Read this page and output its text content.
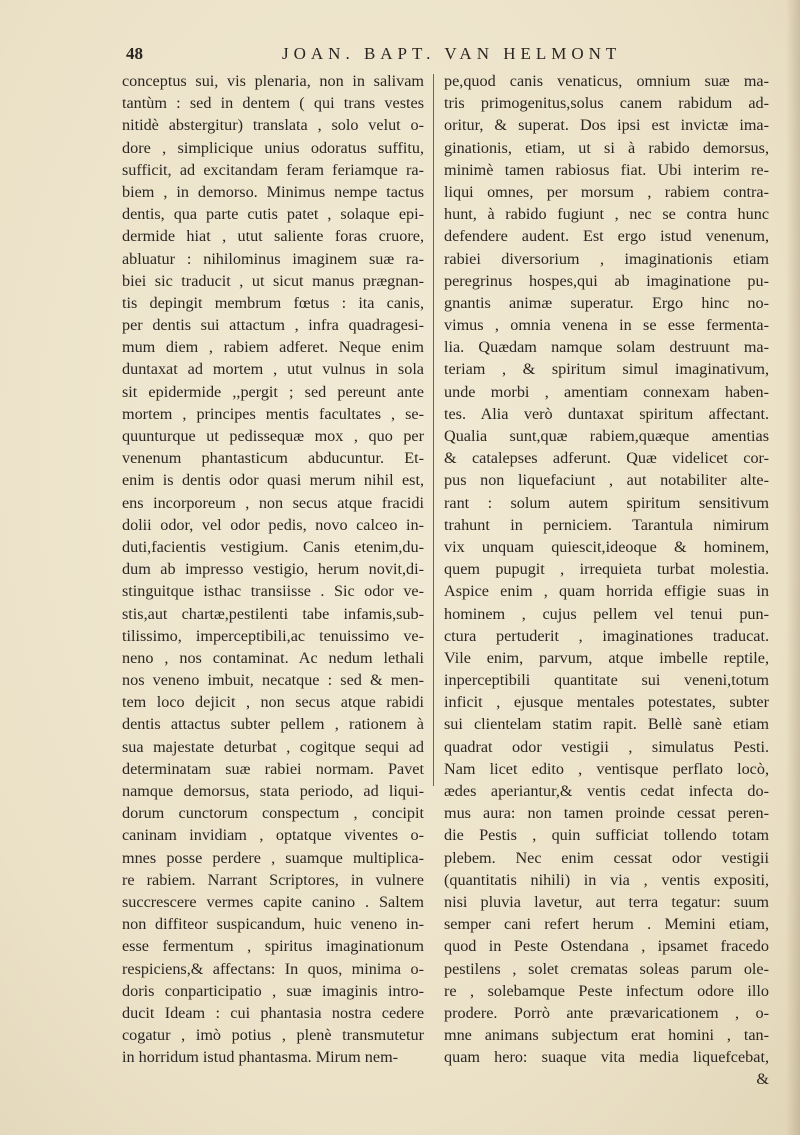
48	JOAN. BAPT. VAN HELMONT
conceptus sui, vis plenaria, non in salivam
tantùm : sed in dentem ( qui trans vestes
nitidè abstergitur) translata , solo velut o-
dore , simplicique unius odoratus suffitu,
sufficit, ad excitandam feram feriamque ra-
biem , in demorso. Minimus nempe tactus
dentis, qua parte cutis patet , solaque epi-
dermide hiat , utut saliente foras cruore,
abluatur : nihilominus imaginem suæ ra-
biei sic traducit , ut sicut manus prægnan-
tis depingit membrum fœtus : ita canis,
per dentis sui attactum , infra quadragesi-
mum diem , rabiem adferet. Neque enim
duntaxat ad mortem , utut vulnus in sola
sit epidermide ,,pergit ; sed pereunt ante
mortem , principes mentis facultates , se-
quunturque ut pedissequæ mox , quo per
venenum phantasticum abducuntur. Et-
enim is dentis odor quasi merum nihil est,
ens incorporeum , non secus atque fracidi
dolii odor, vel odor pedis, novo calceo in-
duti,facientis vestigium. Canis etenim,du-
dum ab impresso vestigio, herum novit,di-
stinguitque isthac transiisse . Sic odor ve-
stis,aut chartæ,pestilenti tabe infamis,sub-
tilissimo, imperceptibili,ac tenuissimo ve-
neno , nos contaminat. Ac nedum lethali
nos veneno imbuit, necatque : sed & men-
tem loco dejicit , non secus atque rabidi
dentis attactus subter pellem , rationem à
sua majestate deturbat , cogitque sequi ad
determinatam suæ rabiei normam. Pavet
namque demorsus, stata periodo, ad liqui-
dorum cunctorum conspectum , concipit
caninam invidiam , optatque viventes o-
mnes posse perdere , suamque multiplica-
re rabiem. Narrant Scriptores, in vulnere
succrescere vermes capite canino . Saltem
non diffiteor suspicandum, huic veneno in-
esse fermentum , spiritus imaginationum
respiciens,& affectans: In quos, minima o-
doris conparticipatio , suæ imaginis intro-
ducit Ideam : cui phantasia nostra cedere
cogatur , imò potius , plenè transmutetur
in horridum istud phantasma. Mirum nem-
pe,quod canis venaticus, omnium suæ ma-
tris primogenitus,solus canem rabidum ad-
oritur, & superat. Dos ipsi est invictæ ima-
ginationis, etiam, ut si à rabido demorsus,
minimè tamen rabiosus fiat. Ubi interim re-
liqui omnes, per morsum , rabiem contra-
hunt, à rabido fugiunt , nec se contra hunc
defendere audent. Est ergo istud venenum,
rabiei diversorium , imaginationis etiam
peregrinus hospes,qui ab imaginatione pu-
gnantis animæ superatur. Ergo hinc no-
vimus , omnia venena in se esse fermenta-
lia. Quædam namque solam destruunt ma-
teriam , & spiritum simul imaginativum,
unde morbi , amentiam connexam haben-
tes. Alia verò duntaxat spiritum affectant.
Qualia sunt,quæ rabiem,quæque amentias
& catalepses adferunt. Quæ videlicet cor-
pus non liquefaciunt , aut notabiliter alte-
rant : solum autem spiritum sensitivum
trahunt in perniciem. Tarantula nimirum
vix unquam quiescit,ideoque & hominem,
quem pupugit , irrequieta turbat molestia.
Aspice enim , quam horrida effigie suas in
hominem , cujus pellem vel tenui pun-
ctura pertuderit , imaginationes traducat.
Vile enim, parvum, atque imbelle reptile,
inperceptibili quantitate sui veneni,totum
inficit , ejusque mentales potestates, subter
sui clientelam statim rapit. Bellè sanè etiam
quadrat odor vestigii , simulatus Pesti.
Nam licet edito , ventisque perflato locò,
ædes aperiantur,& ventis cedat infecta do-
mus aura: non tamen proinde cessat peren-
die Pestis , quin sufficiat tollendo totam
plebem. Nec enim cessat odor vestigii
(quantitatis nihili) in via , ventis expositi,
nisi pluvia lavetur, aut terra tegatur: suum
semper cani refert herum . Memini etiam,
quod in Peste Ostendana , ipsamet fracedo
pestilens , solet crematas soleas parum ole-
re , solebamque Peste infectum odore illo
prodere. Porrò ante prævaricationem , o-
mne animans subjectum erat homini , tan-
quam hero: suaque vita media liquefcebat,
&
